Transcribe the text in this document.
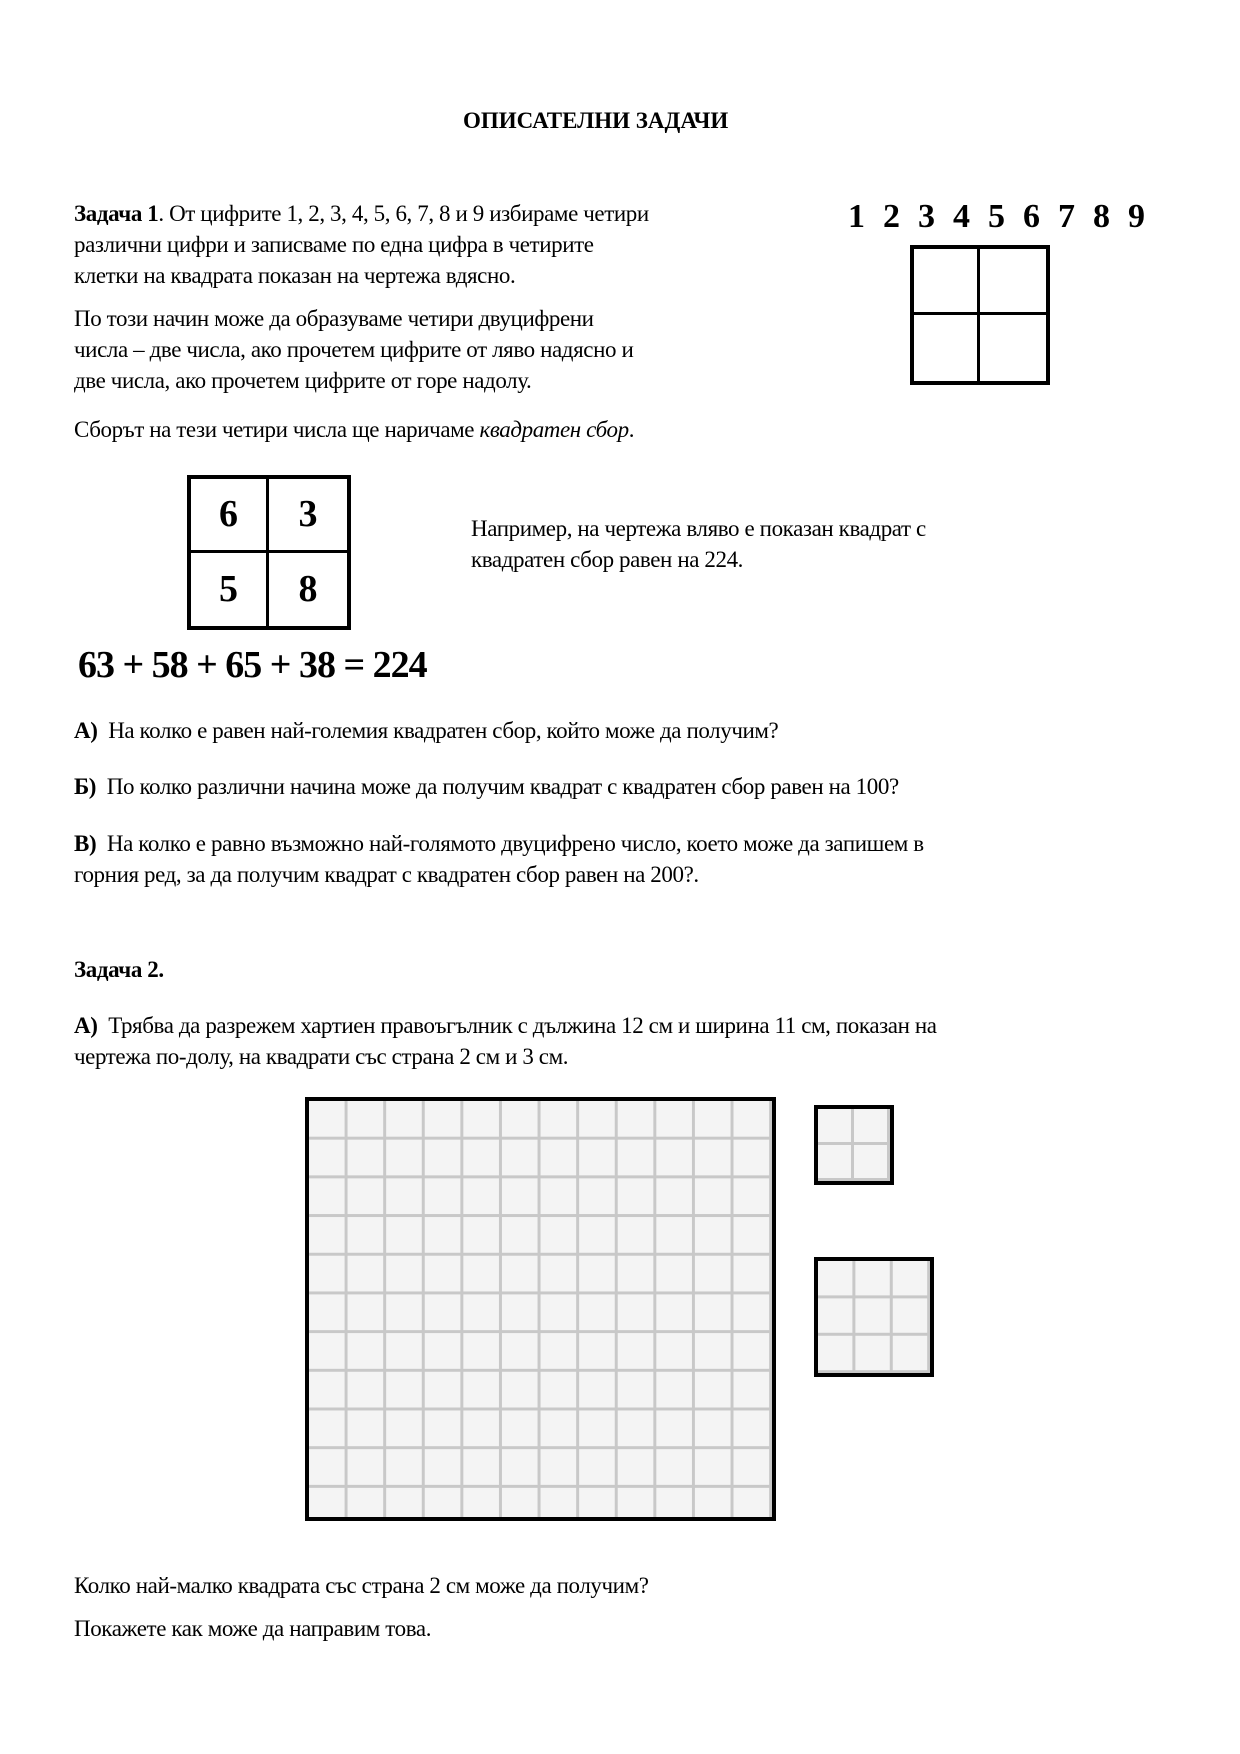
ОПИСАТЕЛНИ ЗАДАЧИ

Задача 1. От цифрите 1, 2, 3, 4, 5, 6, 7, 8 и 9 избираме четири

различни цифри и записваме по една цифра в четирите

клетки на квадрата показан на чертежа вдясно.

По този начин може да образуваме четири двуцифрени

числа – две числа, ако прочетем цифрите от ляво надясно и

две числа, ако прочетем цифрите от горе надолу.

Сборът на тези четири числа ще наричаме квадратен сбор.

1 2 3 4 5 6 7 8 9
6	3
5	8

Например, на чертежа вляво е показан квадрат с

квадратен сбор равен на 224.

63 + 58 + 65 + 38 = 224
А) На колко е равен най-големия квадратен сбор, който може да получим?
Б) По колко различни начина може да получим квадрат с квадратен сбор равен на 100?
В) На колко е равно възможно най-голямото двуцифрено число, което може да запишем в
горния ред, за да получим квадрат с квадратен сбор равен на 200?.
Задача 2.
А) Трябва да разрежем хартиен правоъгълник с дължина 12 см и ширина 11 см, показан на
чертежа по-долу, на квадрати със страна 2 см и 3 см.
Колко най-малко квадрата със страна 2 см може да получим?
Покажете как може да направим това.
